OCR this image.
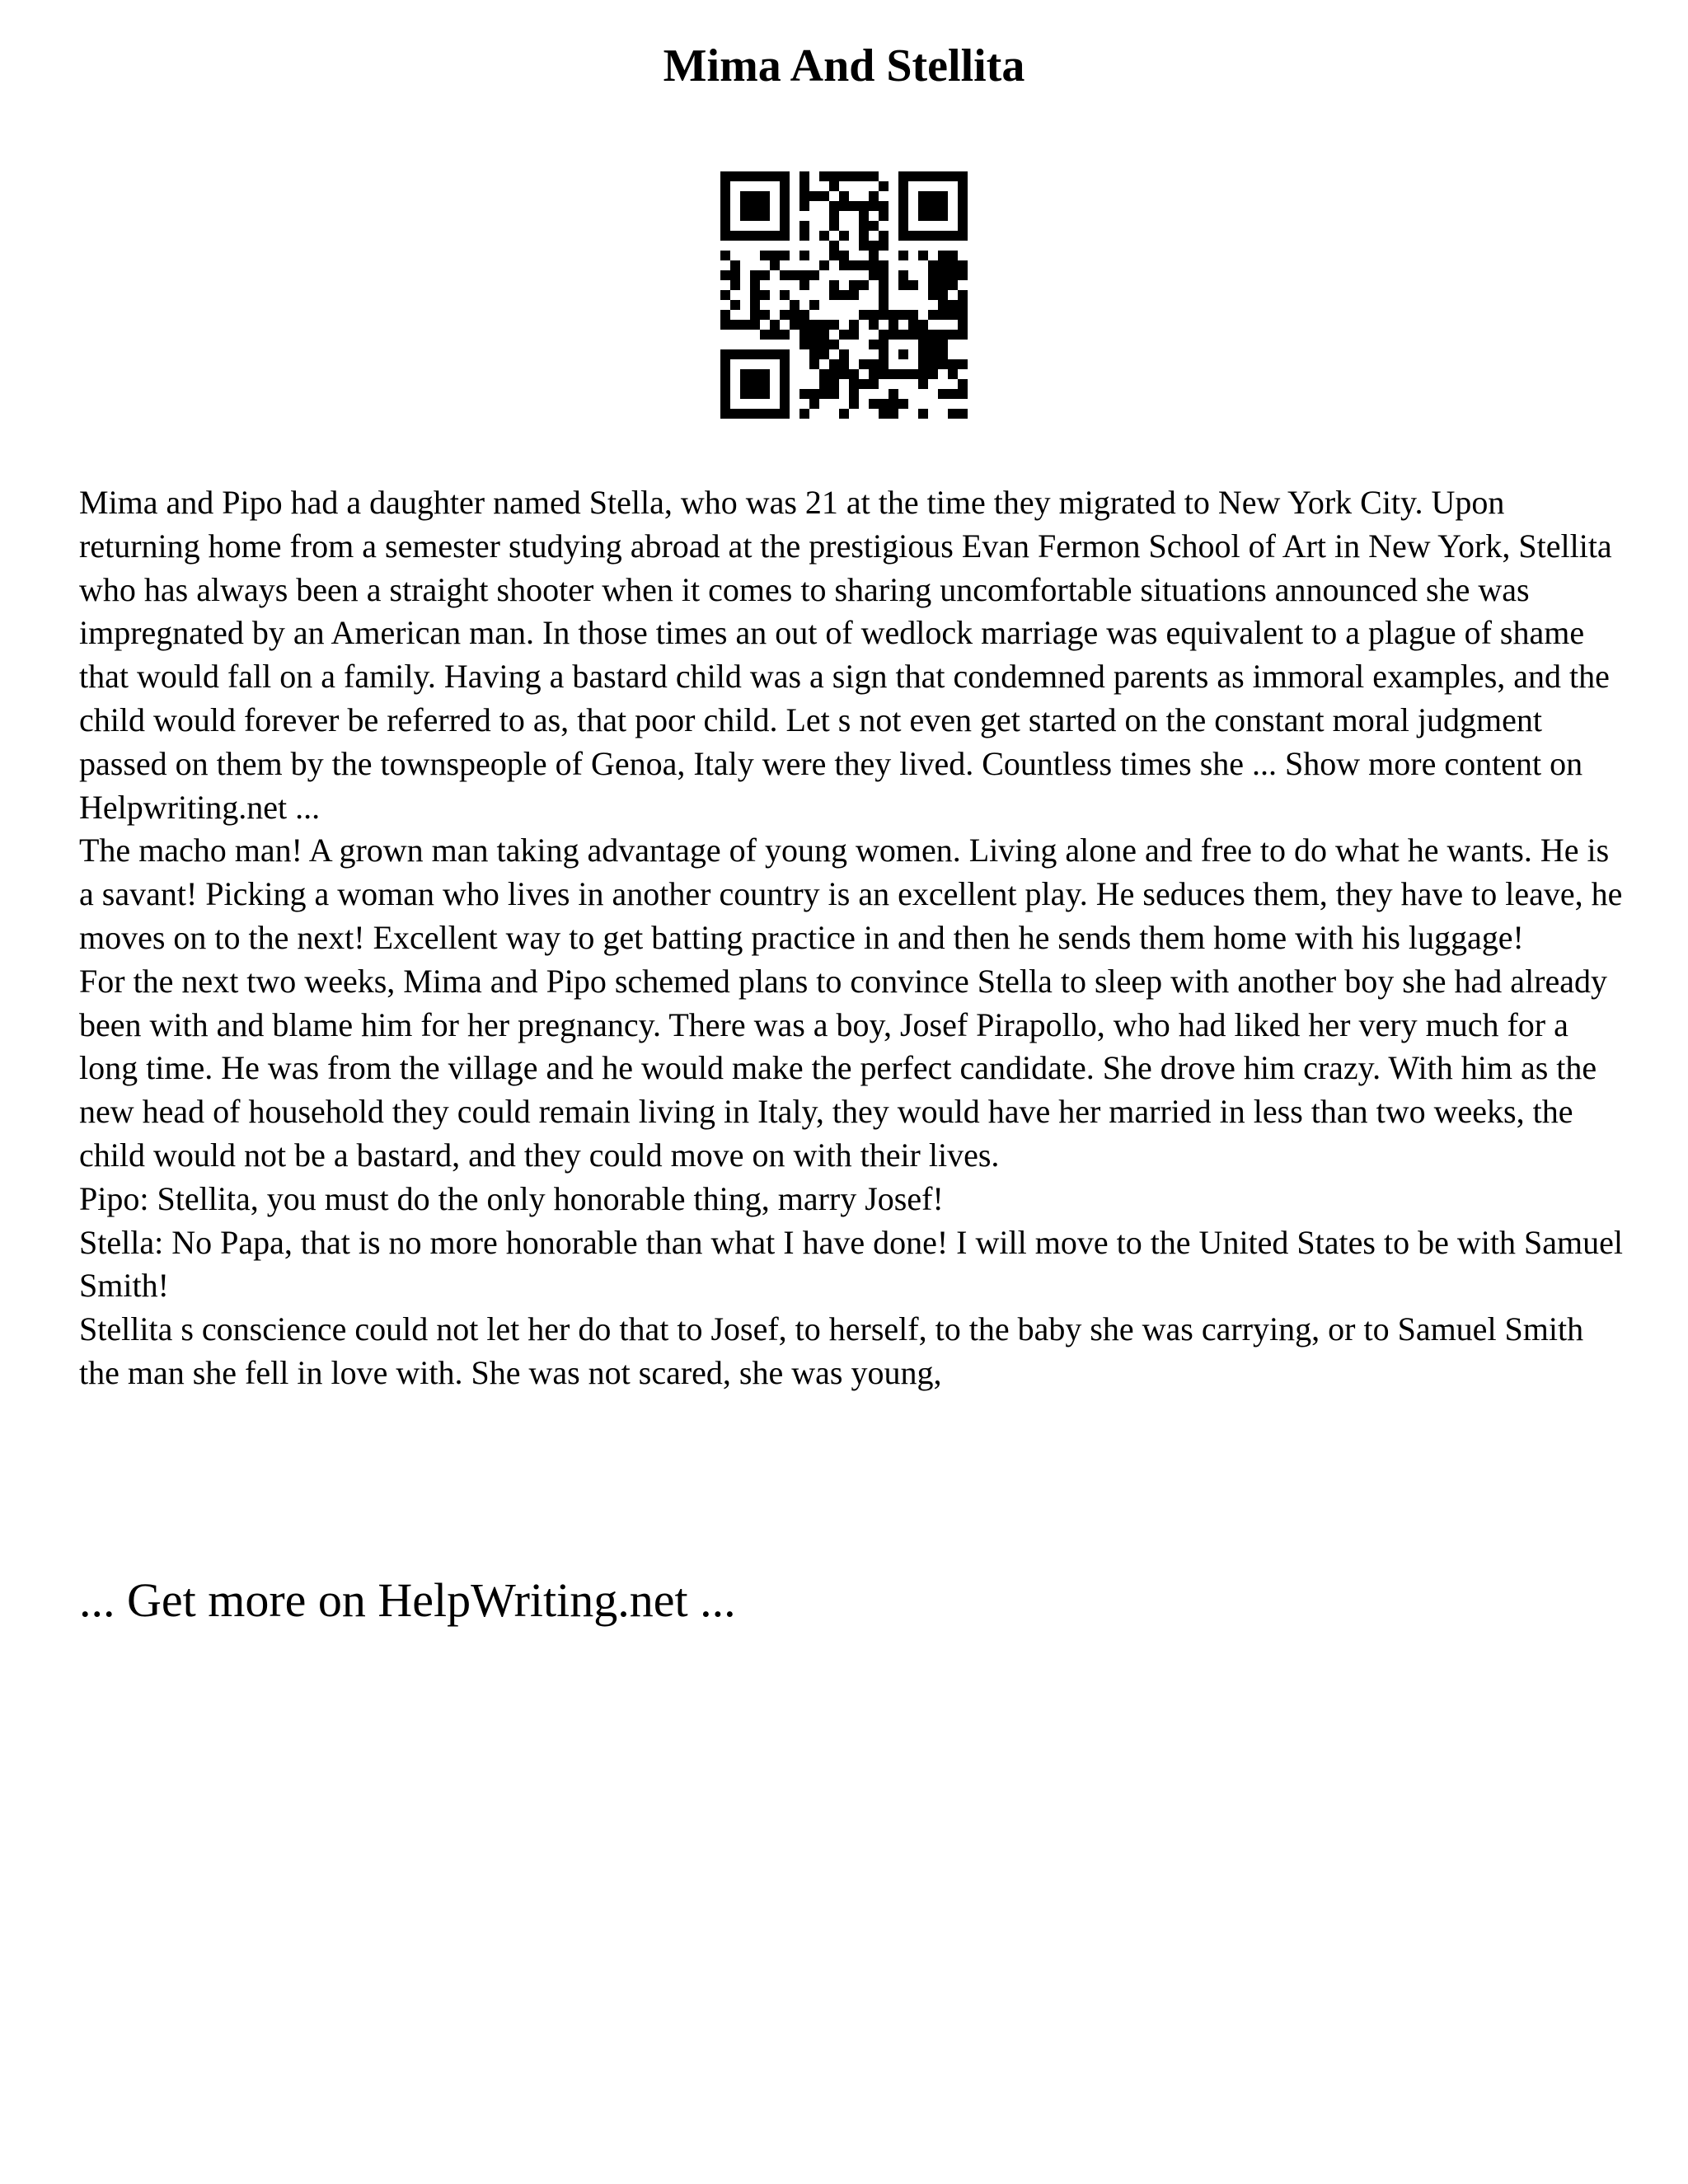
Mima And Stellita

Mima and Pipo had a daughter named Stella, who was 21 at the time they migrated to New York City. Upon returning home from a semester studying abroad at the prestigious Evan Fermon School of Art in New York, Stellita who has always been a straight shooter when it comes to sharing uncomfortable situations announced she was impregnated by an American man. In those times an out of wedlock marriage was equivalent to a plague of shame that would fall on a family. Having a bastard child was a sign that condemned parents as immoral examples, and the child would forever be referred to as, that poor child. Let s not even get started on the constant moral judgment passed on them by the townspeople of Genoa, Italy were they lived. Countless times she ... Show more content on Helpwriting.net ...

The macho man! A grown man taking advantage of young women. Living alone and free to do what he wants. He is a savant! Picking a woman who lives in another country is an excellent play. He seduces them, they have to leave, he moves on to the next! Excellent way to get batting practice in and then he sends them home with his luggage!

For the next two weeks, Mima and Pipo schemed plans to convince Stella to sleep with another boy she had already been with and blame him for her pregnancy. There was a boy, Josef Pirapollo, who had liked her very much for a long time. He was from the village and he would make the perfect candidate. She drove him crazy. With him as the new head of household they could remain living in Italy, they would have her married in less than two weeks, the child would not be a bastard, and they could move on with their lives.

Pipo: Stellita, you must do the only honorable thing, marry Josef!

Stella: No Papa, that is no more honorable than what I have done! I will move to the United States to be with Samuel Smith!

Stellita s conscience could not let her do that to Josef, to herself, to the baby she was carrying, or to Samuel Smith the man she fell in love with. She was not scared, she was young,

... Get more on HelpWriting.net ...
